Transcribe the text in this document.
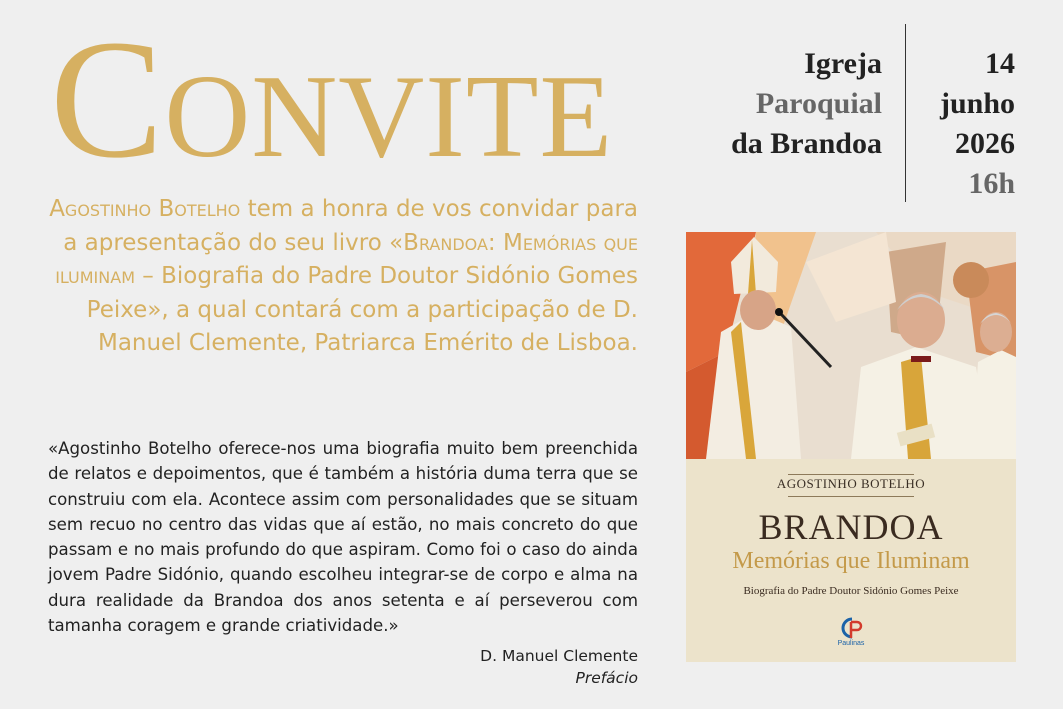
Convite	Igreja
Paroquial
da Brandoa
14
junho
2026
16h
Agostinho Botelho tem a honra de vos convidar para a apresentação do seu livro «Brandoa: Memórias que iluminam – Biografia do Padre Doutor Sidónio Gomes Peixe», a qual contará com a participação de D. Manuel Clemente, Patriarca Emérito de Lisboa.
«Agostinho Botelho oferece-nos uma biografia muito bem preenchida de relatos e depoimentos, que é também a história duma terra que se construiu com ela. Acontece assim com personalidades que se situam sem recuo no centro das vidas que aí estão, no mais concreto do que passam e no mais profundo do que aspiram. Como foi o caso do ainda jovem Padre Sidónio, quando escolheu integrar-se de corpo e alma na dura realidade da Brandoa dos anos setenta e aí perseverou com tamanha coragem e grande criatividade.»
D. Manuel Clemente
Prefácio
AGOSTINHO BOTELHO
BRANDOA
Memórias que Iluminam
Biografia do Padre Doutor Sidónio Gomes Peixe
Paulinas
